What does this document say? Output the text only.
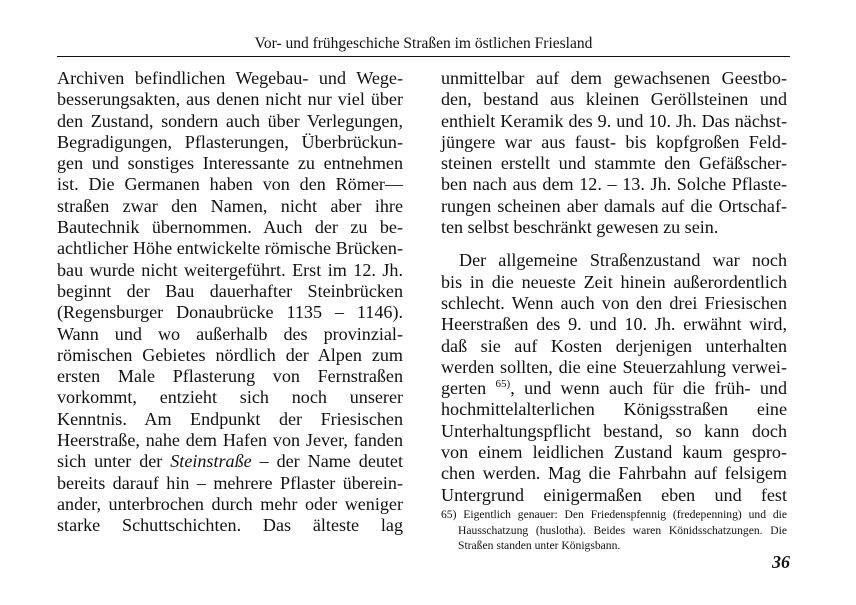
Vor- und frühgeschiche Straßen im östlichen Friesland
Archiven befindlichen Wegebau- und Wege-
besserungsakten, aus denen nicht nur viel über
den Zustand, sondern auch über Verlegungen,
Begradigungen, Pflasterungen, Überbrückun-
gen und sonstiges Interessante zu entnehmen
ist. Die Germanen haben von den Römer—
straßen zwar den Namen, nicht aber ihre
Bautechnik übernommen. Auch der zu be-
achtlicher Höhe entwickelte römische Brücken-
bau wurde nicht weitergeführt. Erst im 12. Jh.
beginnt der Bau dauerhafter Steinbrücken
(Regensburger Donaubrücke 1135 – 1146).
Wann und wo außerhalb des provinzial-
römischen Gebietes nördlich der Alpen zum
ersten Male Pflasterung von Fernstraßen
vorkommt, entzieht sich noch unserer
Kenntnis. Am Endpunkt der Friesischen
Heerstraße, nahe dem Hafen von Jever, fanden
sich unter der Steinstraße – der Name deutet
bereits darauf hin – mehrere Pflaster überein-
ander, unterbrochen durch mehr oder weniger
starke Schuttschichten. Das älteste lag
unmittelbar auf dem gewachsenen Geestbo-
den, bestand aus kleinen Geröllsteinen und
enthielt Keramik des 9. und 10. Jh. Das nächst-
jüngere war aus faust- bis kopfgroßen Feld-
steinen erstellt und stammte den Gefäßscher-
ben nach aus dem 12. – 13. Jh. Solche Pflaste-
rungen scheinen aber damals auf die Ortschaf-
ten selbst beschränkt gewesen zu sein.
Der allgemeine Straßenzustand war noch
bis in die neueste Zeit hinein außerordentlich
schlecht. Wenn auch von den drei Friesischen
Heerstraßen des 9. und 10. Jh. erwähnt wird,
daß sie auf Kosten derjenigen unterhalten
werden sollten, die eine Steuerzahlung verwei-
gerten $^{65)}$, und wenn auch für die früh- und
hochmittelalterlichen Königsstraßen eine
Unterhaltungspflicht bestand, so kann doch
von einem leidlichen Zustand kaum gespro-
chen werden. Mag die Fahrbahn auf felsigem
Untergrund einigermaßen eben und fest
65) Eigentlich genauer: Den Friedenspfennig (fredepenning) und die
Hausschatzung (huslotha). Beides waren Könidsschatzungen. Die
Straßen standen unter Königsbann.
36
